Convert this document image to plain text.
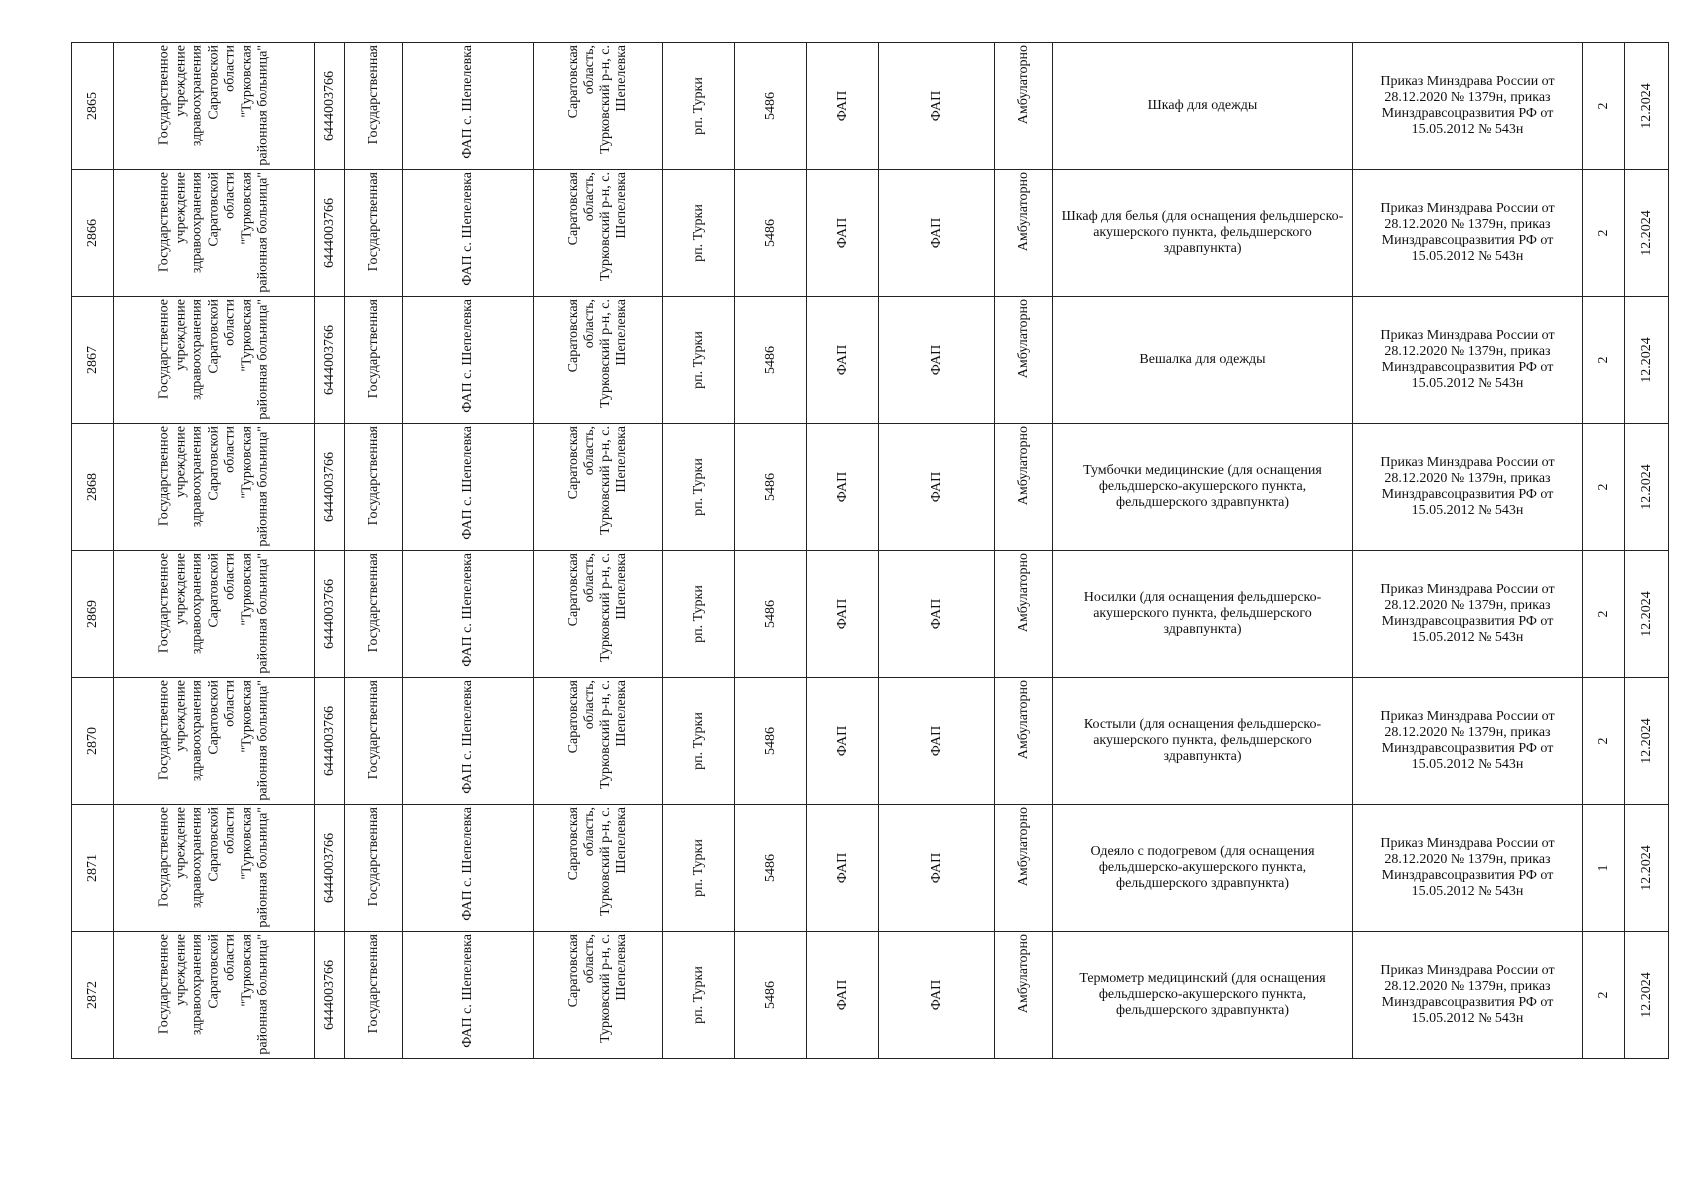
2865	Государственное учреждение здравоохранения Саратовской области "Турковская районная больница"	6444003766	Государственная	ФАП с. Шепелевка	Саратовская область, Турковский р-н, с. Шепелевка	рп. Турки	5486	ФАП	ФАП	Амбулаторно	Шкаф для одежды	Приказ Минздрава России от 28.12.2020 № 1379н, приказ Минздравсоцразвития РФ от 15.05.2012 № 543н	2	12.2024

2866	Государственное учреждение здравоохранения Саратовской области "Турковская районная больница"	6444003766	Государственная	ФАП с. Шепелевка	Саратовская область, Турковский р-н, с. Шепелевка	рп. Турки	5486	ФАП	ФАП	Амбулаторно	Шкаф для белья (для оснащения фельдшерско-акушерского пункта, фельдшерского здравпункта)	Приказ Минздрава России от 28.12.2020 № 1379н, приказ Минздравсоцразвития РФ от 15.05.2012 № 543н	2	12.2024

2867	Государственное учреждение здравоохранения Саратовской области "Турковская районная больница"	6444003766	Государственная	ФАП с. Шепелевка	Саратовская область, Турковский р-н, с. Шепелевка	рп. Турки	5486	ФАП	ФАП	Амбулаторно	Вешалка для одежды	Приказ Минздрава России от 28.12.2020 № 1379н, приказ Минздравсоцразвития РФ от 15.05.2012 № 543н	2	12.2024

2868	Государственное учреждение здравоохранения Саратовской области "Турковская районная больница"	6444003766	Государственная	ФАП с. Шепелевка	Саратовская область, Турковский р-н, с. Шепелевка	рп. Турки	5486	ФАП	ФАП	Амбулаторно	Тумбочки медицинские (для оснащения фельдшерско-акушерского пункта, фельдшерского здравпункта)	Приказ Минздрава России от 28.12.2020 № 1379н, приказ Минздравсоцразвития РФ от 15.05.2012 № 543н	2	12.2024

2869	Государственное учреждение здравоохранения Саратовской области "Турковская районная больница"	6444003766	Государственная	ФАП с. Шепелевка	Саратовская область, Турковский р-н, с. Шепелевка	рп. Турки	5486	ФАП	ФАП	Амбулаторно	Носилки (для оснащения фельдшерско-акушерского пункта, фельдшерского здравпункта)	Приказ Минздрава России от 28.12.2020 № 1379н, приказ Минздравсоцразвития РФ от 15.05.2012 № 543н	2	12.2024

2870	Государственное учреждение здравоохранения Саратовской области "Турковская районная больница"	6444003766	Государственная	ФАП с. Шепелевка	Саратовская область, Турковский р-н, с. Шепелевка	рп. Турки	5486	ФАП	ФАП	Амбулаторно	Костыли (для оснащения фельдшерско-акушерского пункта, фельдшерского здравпункта)	Приказ Минздрава России от 28.12.2020 № 1379н, приказ Минздравсоцразвития РФ от 15.05.2012 № 543н	2	12.2024

2871	Государственное учреждение здравоохранения Саратовской области "Турковская районная больница"	6444003766	Государственная	ФАП с. Шепелевка	Саратовская область, Турковский р-н, с. Шепелевка	рп. Турки	5486	ФАП	ФАП	Амбулаторно	Одеяло с подогревом (для оснащения фельдшерско-акушерского пункта, фельдшерского здравпункта)	Приказ Минздрава России от 28.12.2020 № 1379н, приказ Минздравсоцразвития РФ от 15.05.2012 № 543н	1	12.2024

2872	Государственное учреждение здравоохранения Саратовской области "Турковская районная больница"	6444003766	Государственная	ФАП с. Шепелевка	Саратовская область, Турковский р-н, с. Шепелевка	рп. Турки	5486	ФАП	ФАП	Амбулаторно	Термометр медицинский (для оснащения фельдшерско-акушерского пункта, фельдшерского здравпункта)	Приказ Минздрава России от 28.12.2020 № 1379н, приказ Минздравсоцразвития РФ от 15.05.2012 № 543н	2	12.2024
